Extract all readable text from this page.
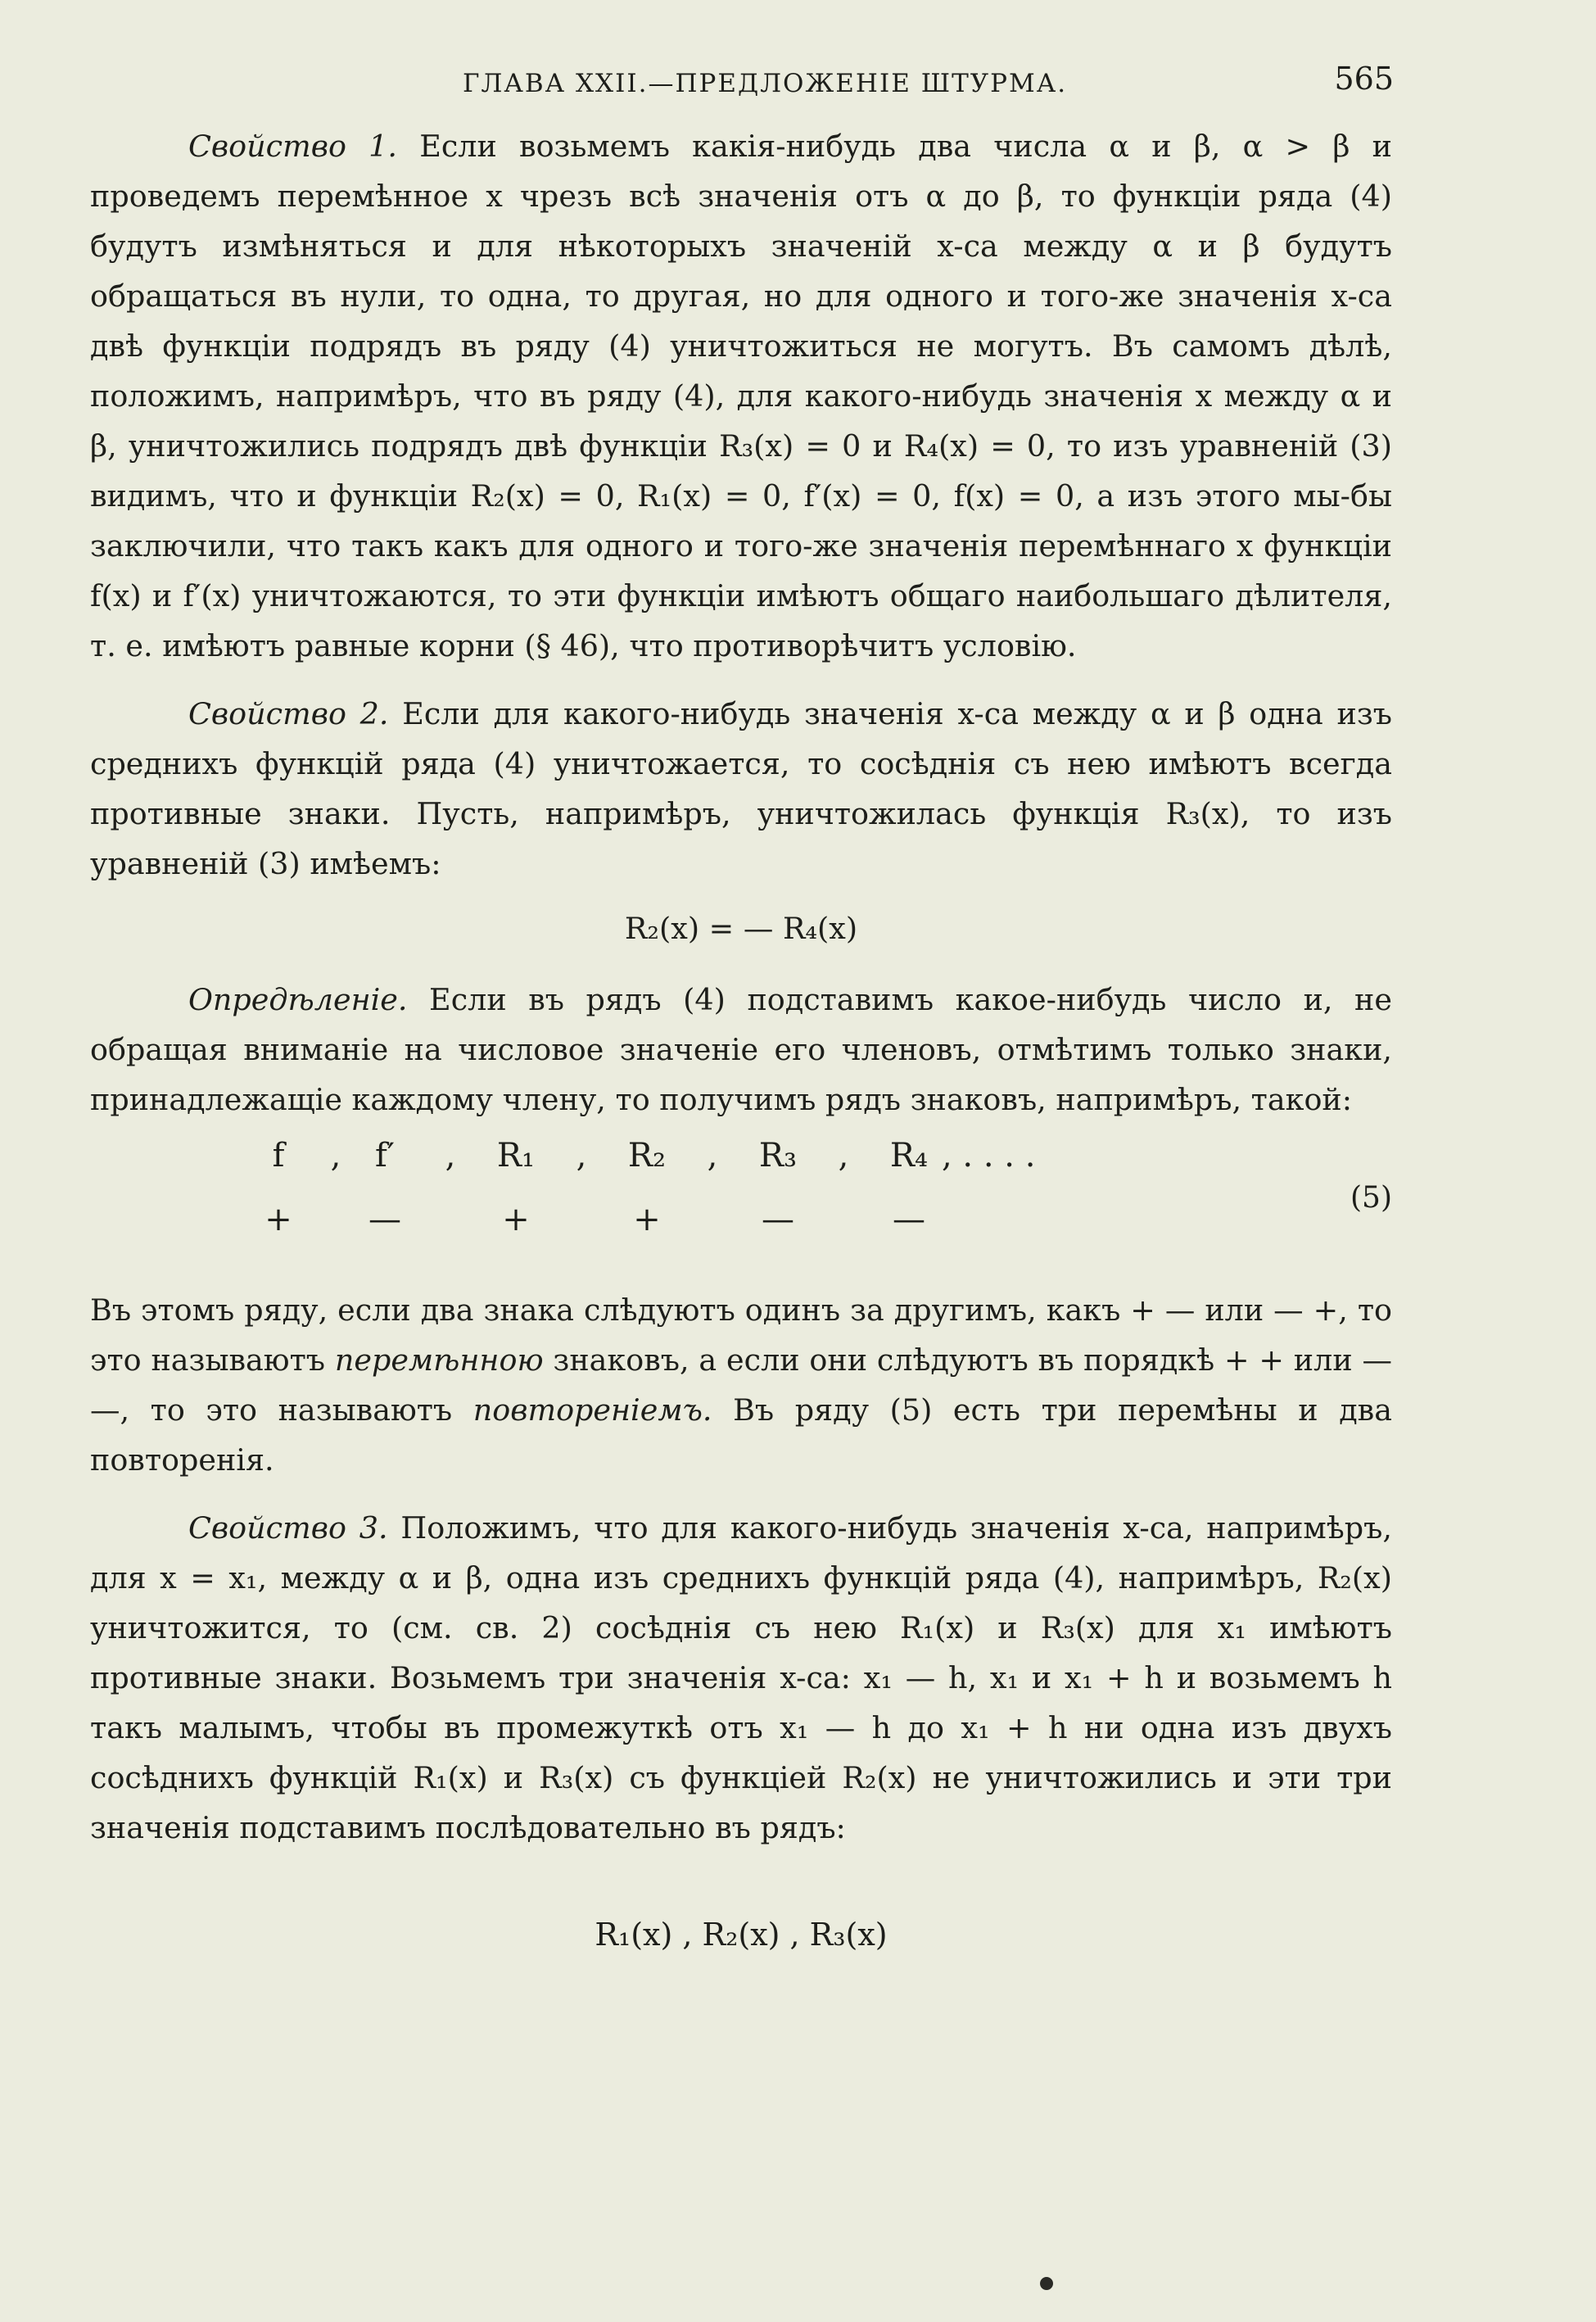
ГЛАВА XXII.—ПРЕДЛОЖЕНIЕ ШТУРМА.	565

Свойство 1. Если возьмемъ какiя-нибудь два числа α и β, α > β и проведемъ перемѣнное x чрезъ всѣ значенiя отъ α до β, то функцiи ряда (4) будутъ измѣняться и для нѣкоторыхъ значенiй x-са между α и β будутъ обращаться въ нули, то одна, то другая, но для одного и того-же значенiя x-са двѣ функцiи подрядъ въ ряду (4) уничтожиться не могутъ. Въ самомъ дѣлѣ, положимъ, напримѣръ, что въ ряду (4), для какого-нибудь значенiя x между α и β, уничтожились подрядъ двѣ функцiи R₃(x) = 0 и R₄(x) = 0, то изъ уравненiй (3) видимъ, что и функцiи R₂(x) = 0, R₁(x) = 0, f′(x) = 0, f(x) = 0, а изъ этого мы-бы заключили, что такъ какъ для одного и того-же значенiя перемѣннаго x функцiи f(x) и f′(x) уничтожаются, то эти функцiи имѣютъ общаго наибольшаго дѣлителя, т. е. имѣютъ равные корни (§ 46), что противорѣчитъ условiю.

Свойство 2. Если для какого-нибудь значенiя x-са между α и β одна изъ среднихъ функцiй ряда (4) уничтожается, то сосѣднiя съ нею имѣютъ всегда противные знаки. Пусть, напримѣръ, уничтожилась функцiя R₃(x), то изъ уравненiй (3) имѣемъ:

R₂(x) = — R₄(x)

Опредѣленiе. Если въ рядъ (4) подставимъ какое-нибудь число и, не обращая вниманiе на числовое значенiе его членовъ, отмѣтимъ только знаки, принадлежащiе каждому члену, то получимъ рядъ знаковъ, напримѣръ, такой:

f	,	f′	,	R₁	,	R₂	,	R₃	,	R₄ , . . . .
+	—	+	+	—	—
(5)

Въ этомъ ряду, если два знака слѣдуютъ одинъ за другимъ, какъ + — или — +, то это называютъ перемѣнною знаковъ, а если они слѣдуютъ въ порядкѣ + + или — —, то это называютъ повторенiемъ. Въ ряду (5) есть три перемѣны и два повторенiя.

Свойство 3. Положимъ, что для какого-нибудь значенiя x-са, напримѣръ, для x = x₁, между α и β, одна изъ среднихъ функцiй ряда (4), напримѣръ, R₂(x) уничтожится, то (см. св. 2) сосѣднiя съ нею R₁(x) и R₃(x) для x₁ имѣютъ противные знаки. Возьмемъ три значенiя x-са: x₁ — h, x₁ и x₁ + h и возьмемъ h такъ малымъ, чтобы въ промежуткѣ отъ x₁ — h до x₁ + h ни одна изъ двухъ сосѣднихъ функцiй R₁(x) и R₃(x) съ функцiей R₂(x) не уничтожились и эти три значенiя подставимъ послѣдовательно въ рядъ:

R₁(x) , R₂(x) , R₃(x)
